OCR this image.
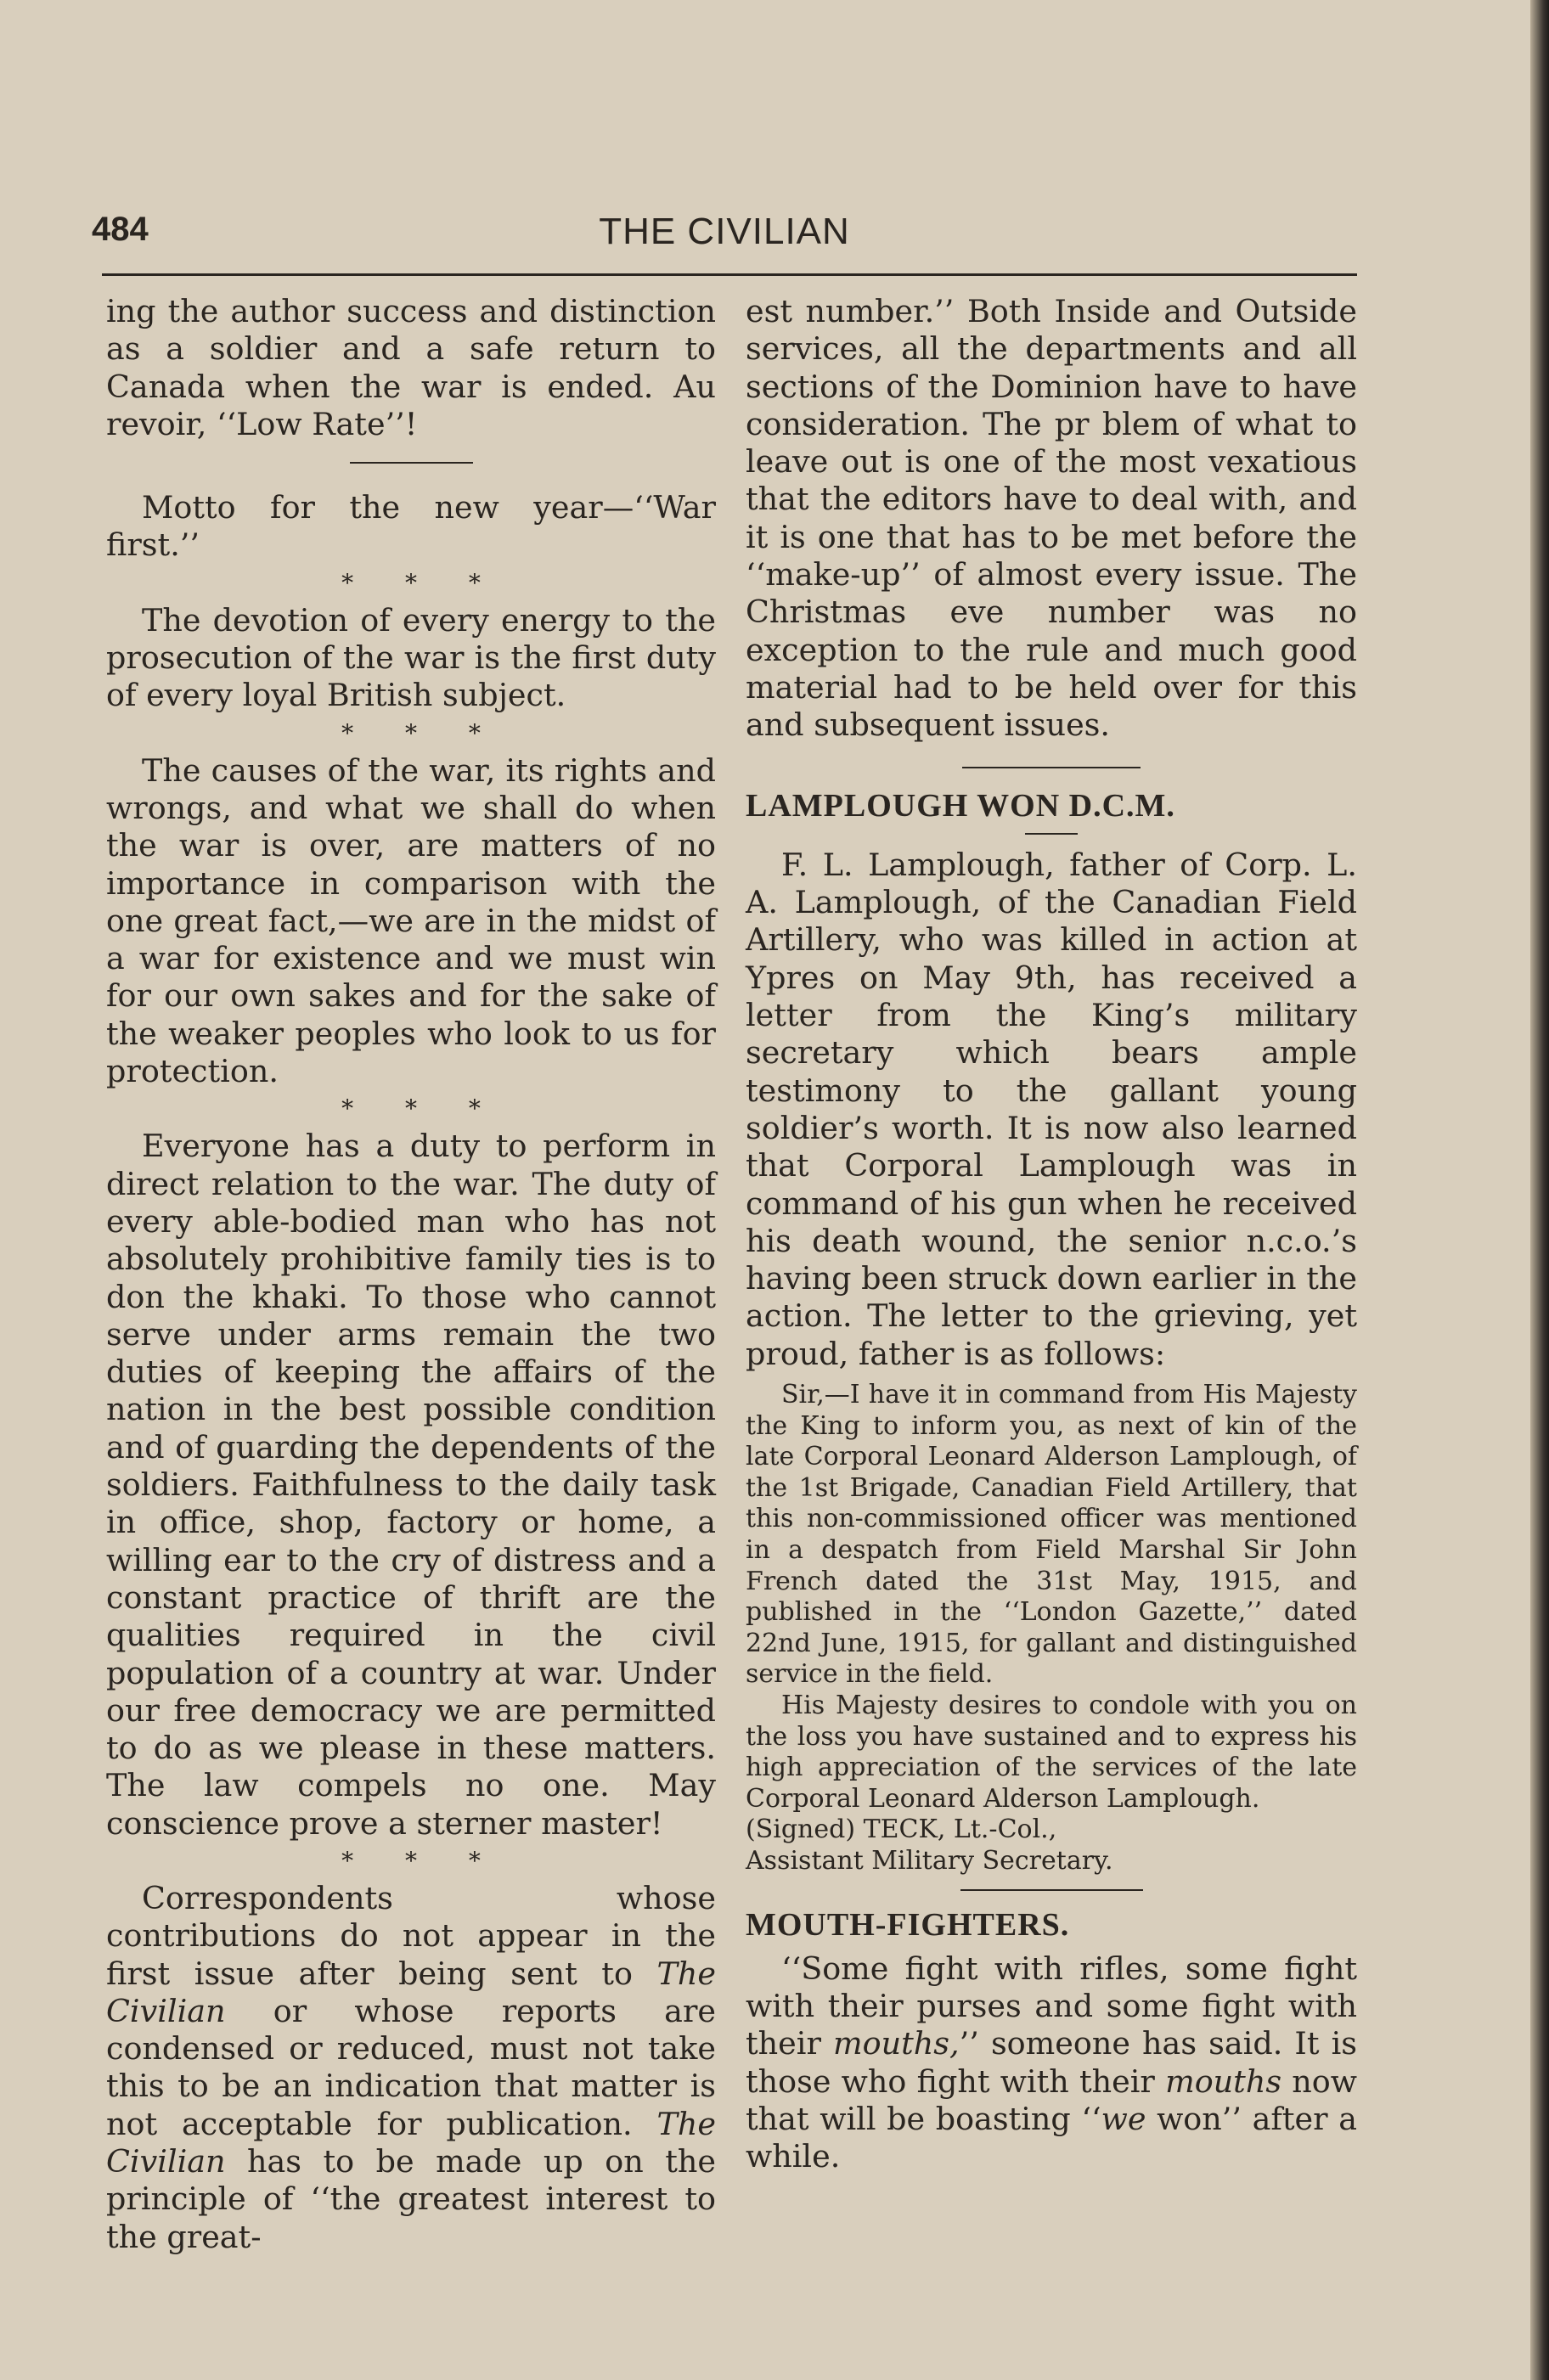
484	THE CIVILIAN

ing the author success and distinction as a soldier and a safe return to Canada when the war is ended. Au revoir, ‘‘Low Rate’’!

Motto for the new year—‘‘War first.’’

* * *

The devotion of every energy to the prosecution of the war is the first duty of every loyal British subject.

* * *

The causes of the war, its rights and wrongs, and what we shall do when the war is over, are matters of no importance in comparison with the one great fact,—we are in the midst of a war for existence and we must win for our own sakes and for the sake of the weaker peoples who look to us for protection.

* * *

Everyone has a duty to perform in direct relation to the war. The duty of every able-bodied man who has not absolutely prohibitive family ties is to don the khaki. To those who cannot serve under arms remain the two duties of keeping the affairs of the nation in the best possible condition and of guarding the dependents of the soldiers. Faithfulness to the daily task in office, shop, factory or home, a willing ear to the cry of distress and a constant practice of thrift are the qualities required in the civil population of a country at war. Under our free democracy we are permitted to do as we please in these matters. The law compels no one. May conscience prove a sterner master!

* * *

Correspondents whose contributions do not appear in the first issue after being sent to The Civilian or whose reports are condensed or reduced, must not take this to be an indication that matter is not acceptable for publication. The Civilian has to be made up on the principle of ‘‘the greatest interest to the great-

est number.’’ Both Inside and Outside services, all the departments and all sections of the Dominion have to have consideration. The pr blem of what to leave out is one of the most vexatious that the editors have to deal with, and it is one that has to be met before the ‘‘make-up’’ of almost every issue. The Christmas eve number was no exception to the rule and much good material had to be held over for this and subsequent issues.

LAMPLOUGH WON D.C.M.

F. L. Lamplough, father of Corp. L. A. Lamplough, of the Canadian Field Artillery, who was killed in action at Ypres on May 9th, has received a letter from the King’s military secretary which bears ample testimony to the gallant young soldier’s worth. It is now also learned that Corporal Lamplough was in command of his gun when he received his death wound, the senior n.c.o.’s having been struck down earlier in the action. The letter to the grieving, yet proud, father is as follows:

Sir,—I have it in command from His Majesty the King to inform you, as next of kin of the late Corporal Leonard Alderson Lamplough, of the 1st Brigade, Canadian Field Artillery, that this non-commissioned officer was mentioned in a despatch from Field Marshal Sir John French dated the 31st May, 1915, and published in the ‘‘London Gazette,’’ dated 22nd June, 1915, for gallant and distinguished service in the field.

His Majesty desires to condole with you on the loss you have sustained and to express his high appreciation of the services of the late Corporal Leonard Alderson Lamplough.

(Signed) TECK, Lt.-Col.,

Assistant Military Secretary.

MOUTH-FIGHTERS.

‘‘Some fight with rifles, some fight with their purses and some fight with their mouths,’’ someone has said. It is those who fight with their mouths now that will be boasting ‘‘we won’’ after a while.
